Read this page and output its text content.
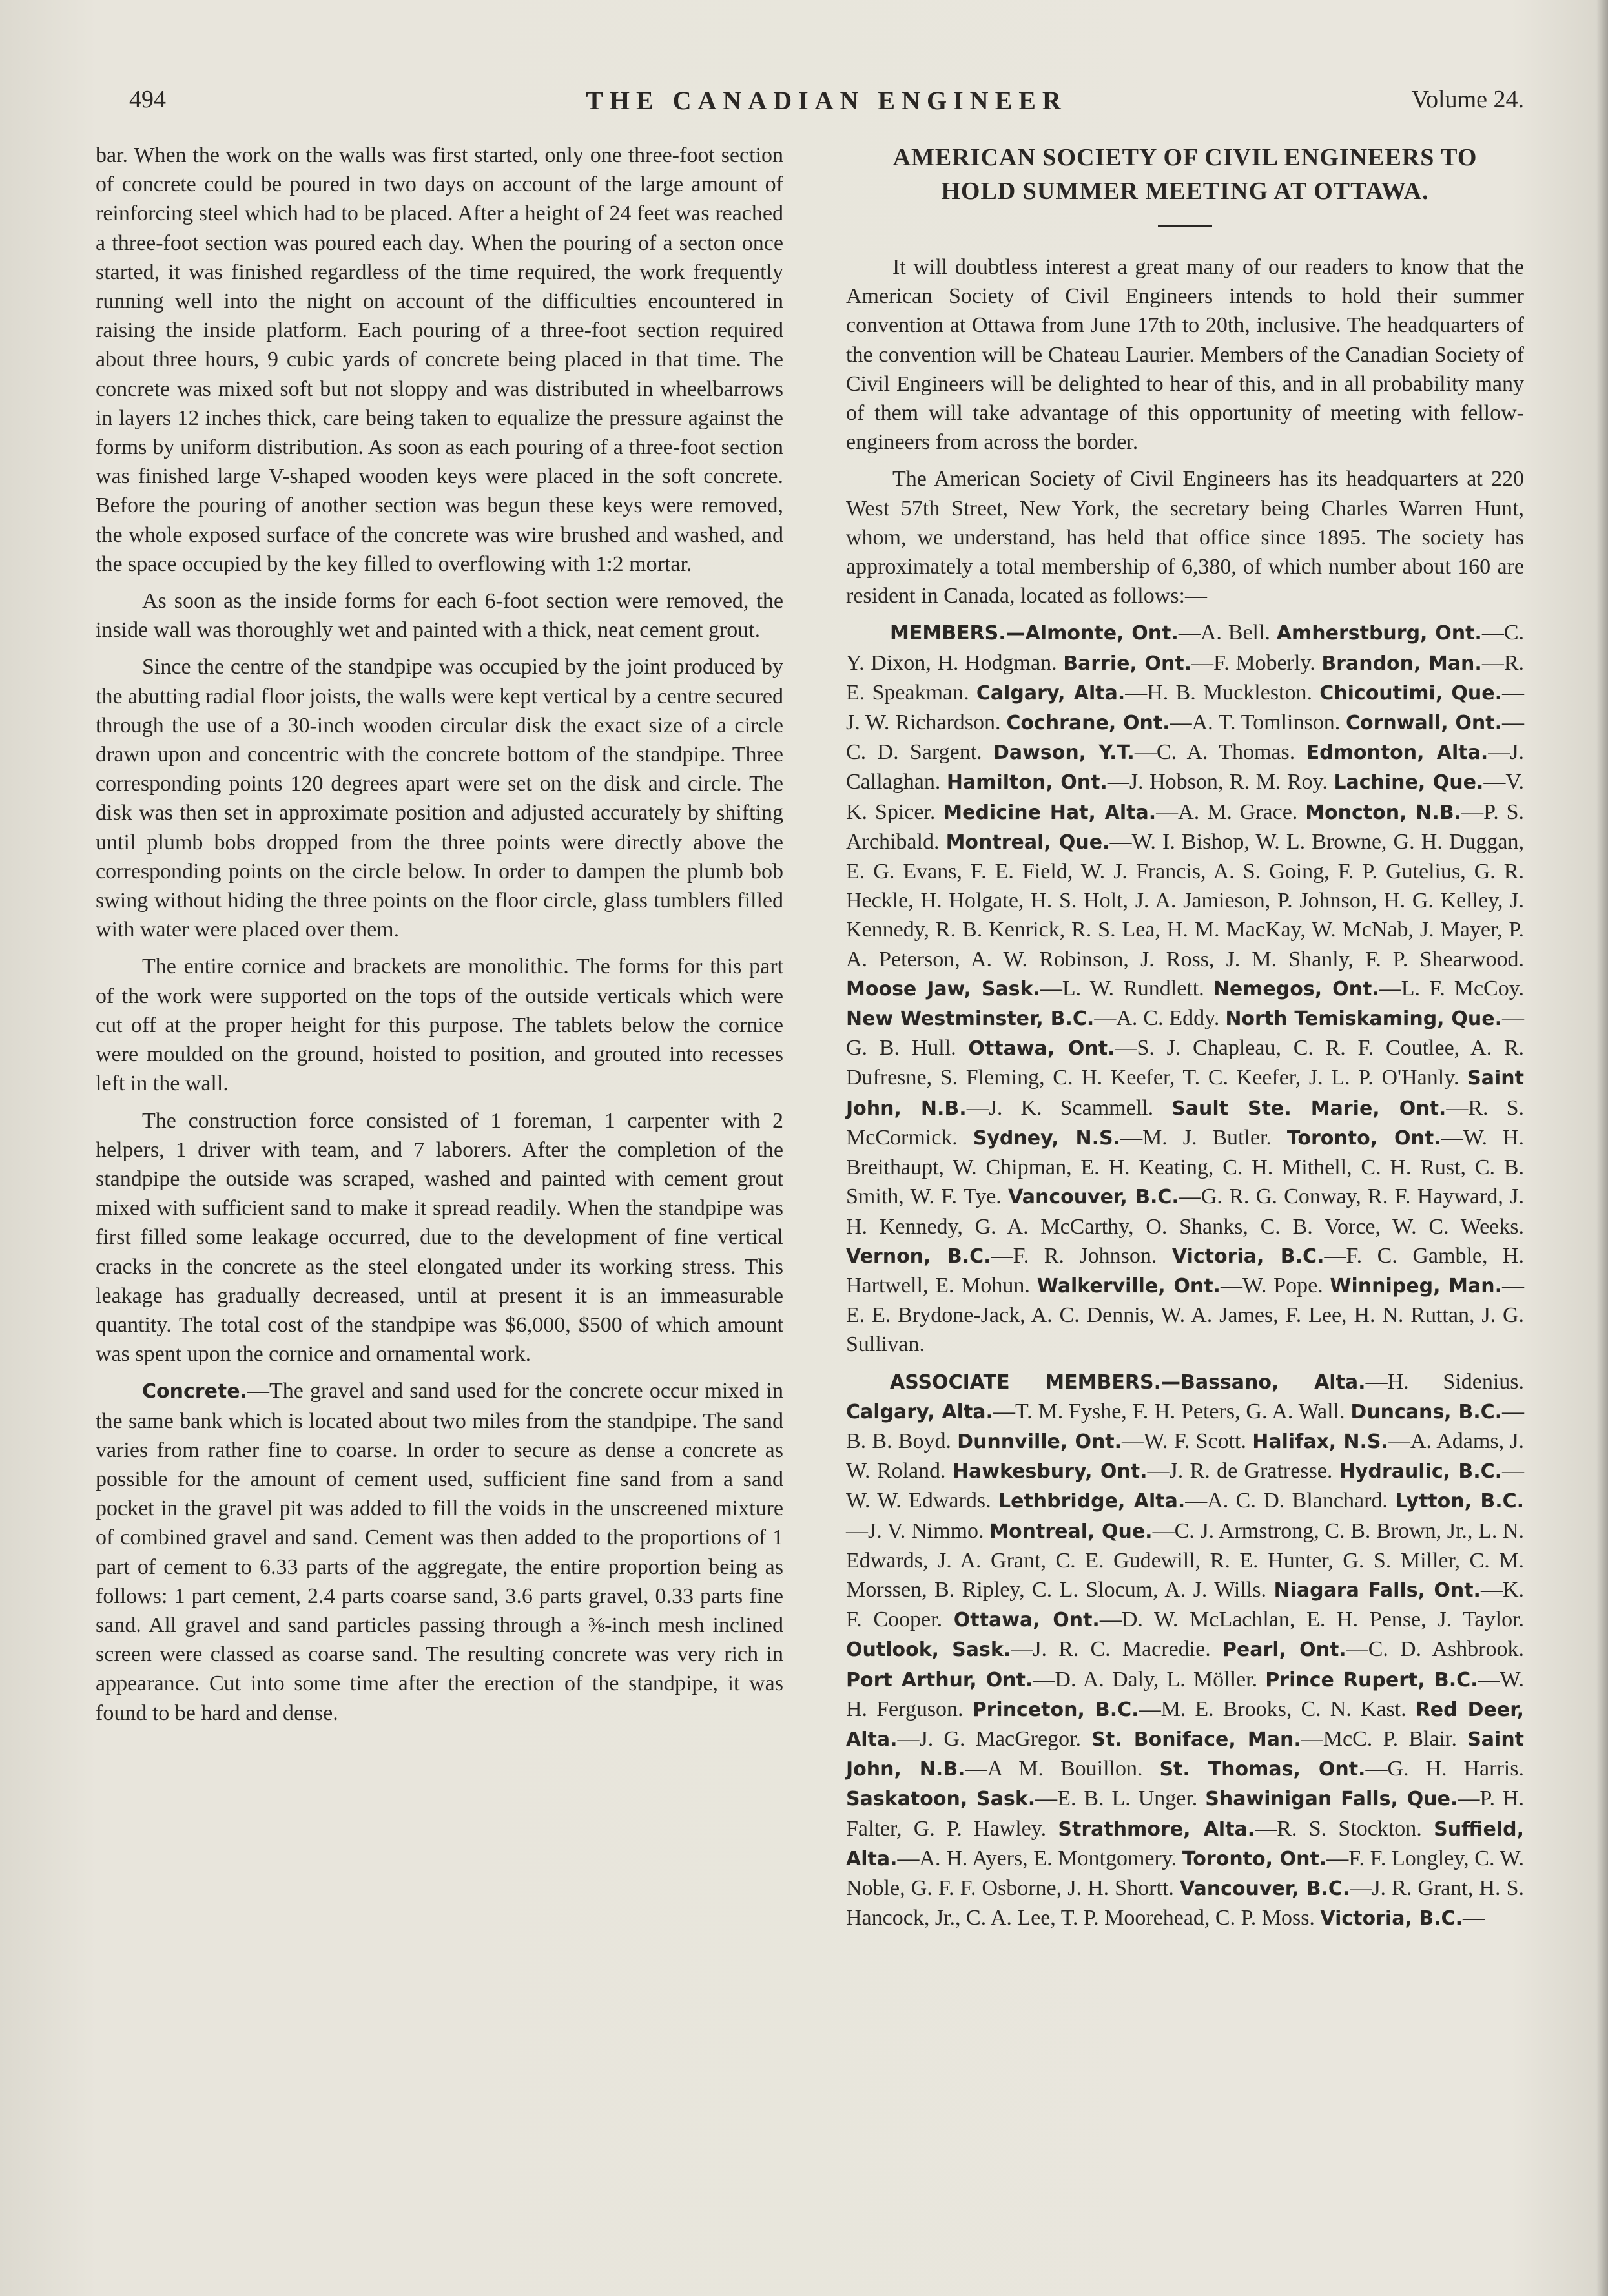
494	THE CANADIAN ENGINEER	Volume 24.

bar. When the work on the walls was first started, only one three-foot section of concrete could be poured in two days on account of the large amount of reinforcing steel which had to be placed. After a height of 24 feet was reached a three-foot section was poured each day. When the pouring of a secton once started, it was finished regardless of the time required, the work frequently running well into the night on account of the difficulties encountered in raising the inside platform. Each pouring of a three-foot section required about three hours, 9 cubic yards of concrete being placed in that time. The concrete was mixed soft but not sloppy and was distributed in wheelbarrows in layers 12 inches thick, care being taken to equalize the pressure against the forms by uniform distribution. As soon as each pouring of a three-foot section was finished large V-shaped wooden keys were placed in the soft concrete. Before the pouring of another section was begun these keys were removed, the whole exposed surface of the concrete was wire brushed and washed, and the space occupied by the key filled to overflowing with 1:2 mortar.

As soon as the inside forms for each 6-foot section were removed, the inside wall was thoroughly wet and painted with a thick, neat cement grout.

Since the centre of the standpipe was occupied by the joint produced by the abutting radial floor joists, the walls were kept vertical by a centre secured through the use of a 30-inch wooden circular disk the exact size of a circle drawn upon and concentric with the concrete bottom of the standpipe. Three corresponding points 120 degrees apart were set on the disk and circle. The disk was then set in approximate position and adjusted accurately by shifting until plumb bobs dropped from the three points were directly above the corresponding points on the circle below. In order to dampen the plumb bob swing without hiding the three points on the floor circle, glass tumblers filled with water were placed over them.

The entire cornice and brackets are monolithic. The forms for this part of the work were supported on the tops of the outside verticals which were cut off at the proper height for this purpose. The tablets below the cornice were moulded on the ground, hoisted to position, and grouted into recesses left in the wall.

The construction force consisted of 1 foreman, 1 carpenter with 2 helpers, 1 driver with team, and 7 laborers. After the completion of the standpipe the outside was scraped, washed and painted with cement grout mixed with sufficient sand to make it spread readily. When the standpipe was first filled some leakage occurred, due to the development of fine vertical cracks in the concrete as the steel elongated under its working stress. This leakage has gradually decreased, until at present it is an immeasurable quantity. The total cost of the standpipe was $6,000, $500 of which amount was spent upon the cornice and ornamental work.

Concrete.—The gravel and sand used for the concrete occur mixed in the same bank which is located about two miles from the standpipe. The sand varies from rather fine to coarse. In order to secure as dense a concrete as possible for the amount of cement used, sufficient fine sand from a sand pocket in the gravel pit was added to fill the voids in the unscreened mixture of combined gravel and sand. Cement was then added to the proportions of 1 part of cement to 6.33 parts of the aggregate, the entire proportion being as follows: 1 part cement, 2.4 parts coarse sand, 3.6 parts gravel, 0.33 parts fine sand. All gravel and sand particles passing through a ⅜-inch mesh inclined screen were classed as coarse sand. The resulting concrete was very rich in appearance. Cut into some time after the erection of the standpipe, it was found to be hard and dense.

AMERICAN SOCIETY OF CIVIL ENGINEERS TO
HOLD SUMMER MEETING AT OTTAWA.

It will doubtless interest a great many of our readers to know that the American Society of Civil Engineers intends to hold their summer convention at Ottawa from June 17th to 20th, inclusive. The headquarters of the convention will be Chateau Laurier. Members of the Canadian Society of Civil Engineers will be delighted to hear of this, and in all probability many of them will take advantage of this opportunity of meeting with fellow-engineers from across the border.

The American Society of Civil Engineers has its headquarters at 220 West 57th Street, New York, the secretary being Charles Warren Hunt, whom, we understand, has held that office since 1895. The society has approximately a total membership of 6,380, of which number about 160 are resident in Canada, located as follows:—

MEMBERS.—Almonte, Ont.—A. Bell. Amherstburg, Ont.—C. Y. Dixon, H. Hodgman. Barrie, Ont.—F. Moberly. Brandon, Man.—R. E. Speakman. Calgary, Alta.—H. B. Muckleston. Chicoutimi, Que.—J. W. Richardson. Cochrane, Ont.—A. T. Tomlinson. Cornwall, Ont.—C. D. Sargent. Dawson, Y.T.—C. A. Thomas. Edmonton, Alta.—J. Callaghan. Hamilton, Ont.—J. Hobson, R. M. Roy. Lachine, Que.—V. K. Spicer. Medicine Hat, Alta.—A. M. Grace. Moncton, N.B.—P. S. Archibald. Montreal, Que.—W. I. Bishop, W. L. Browne, G. H. Duggan, E. G. Evans, F. E. Field, W. J. Francis, A. S. Going, F. P. Gutelius, G. R. Heckle, H. Holgate, H. S. Holt, J. A. Jamieson, P. Johnson, H. G. Kelley, J. Kennedy, R. B. Kenrick, R. S. Lea, H. M. MacKay, W. McNab, J. Mayer, P. A. Peterson, A. W. Robinson, J. Ross, J. M. Shanly, F. P. Shearwood. Moose Jaw, Sask.—L. W. Rundlett. Nemegos, Ont.—L. F. McCoy. New Westminster, B.C.—A. C. Eddy. North Temiskaming, Que.—G. B. Hull. Ottawa, Ont.—S. J. Chapleau, C. R. F. Coutlee, A. R. Dufresne, S. Fleming, C. H. Keefer, T. C. Keefer, J. L. P. O'Hanly. Saint John, N.B.—J. K. Scammell. Sault Ste. Marie, Ont.—R. S. McCormick. Sydney, N.S.—M. J. Butler. Toronto, Ont.—W. H. Breithaupt, W. Chipman, E. H. Keating, C. H. Mithell, C. H. Rust, C. B. Smith, W. F. Tye. Vancouver, B.C.—G. R. G. Conway, R. F. Hayward, J. H. Kennedy, G. A. McCarthy, O. Shanks, C. B. Vorce, W. C. Weeks. Vernon, B.C.—F. R. Johnson. Victoria, B.C.—F. C. Gamble, H. Hartwell, E. Mohun. Walkerville, Ont.—W. Pope. Winnipeg, Man.—E. E. Brydone-Jack, A. C. Dennis, W. A. James, F. Lee, H. N. Ruttan, J. G. Sullivan.

ASSOCIATE MEMBERS.—Bassano, Alta.—H. Sidenius. Calgary, Alta.—T. M. Fyshe, F. H. Peters, G. A. Wall. Duncans, B.C.—B. B. Boyd. Dunnville, Ont.—W. F. Scott. Halifax, N.S.—A. Adams, J. W. Roland. Hawkesbury, Ont.—J. R. de Gratresse. Hydraulic, B.C.—W. W. Edwards. Lethbridge, Alta.—A. C. D. Blanchard. Lytton, B.C.—J. V. Nimmo. Montreal, Que.—C. J. Armstrong, C. B. Brown, Jr., L. N. Edwards, J. A. Grant, C. E. Gudewill, R. E. Hunter, G. S. Miller, C. M. Morssen, B. Ripley, C. L. Slocum, A. J. Wills. Niagara Falls, Ont.—K. F. Cooper. Ottawa, Ont.—D. W. McLachlan, E. H. Pense, J. Taylor. Outlook, Sask.—J. R. C. Macredie. Pearl, Ont.—C. D. Ashbrook. Port Arthur, Ont.—D. A. Daly, L. Möller. Prince Rupert, B.C.—W. H. Ferguson. Princeton, B.C.—M. E. Brooks, C. N. Kast. Red Deer, Alta.—J. G. MacGregor. St. Boniface, Man.—McC. P. Blair. Saint John, N.B.—A M. Bouillon. St. Thomas, Ont.—G. H. Harris. Saskatoon, Sask.—E. B. L. Unger. Shawinigan Falls, Que.—P. H. Falter, G. P. Hawley. Strathmore, Alta.—R. S. Stockton. Suffield, Alta.—A. H. Ayers, E. Montgomery. Toronto, Ont.—F. F. Longley, C. W. Noble, G. F. F. Osborne, J. H. Shortt. Vancouver, B.C.—J. R. Grant, H. S. Hancock, Jr., C. A. Lee, T. P. Moorehead, C. P. Moss. Victoria, B.C.—
